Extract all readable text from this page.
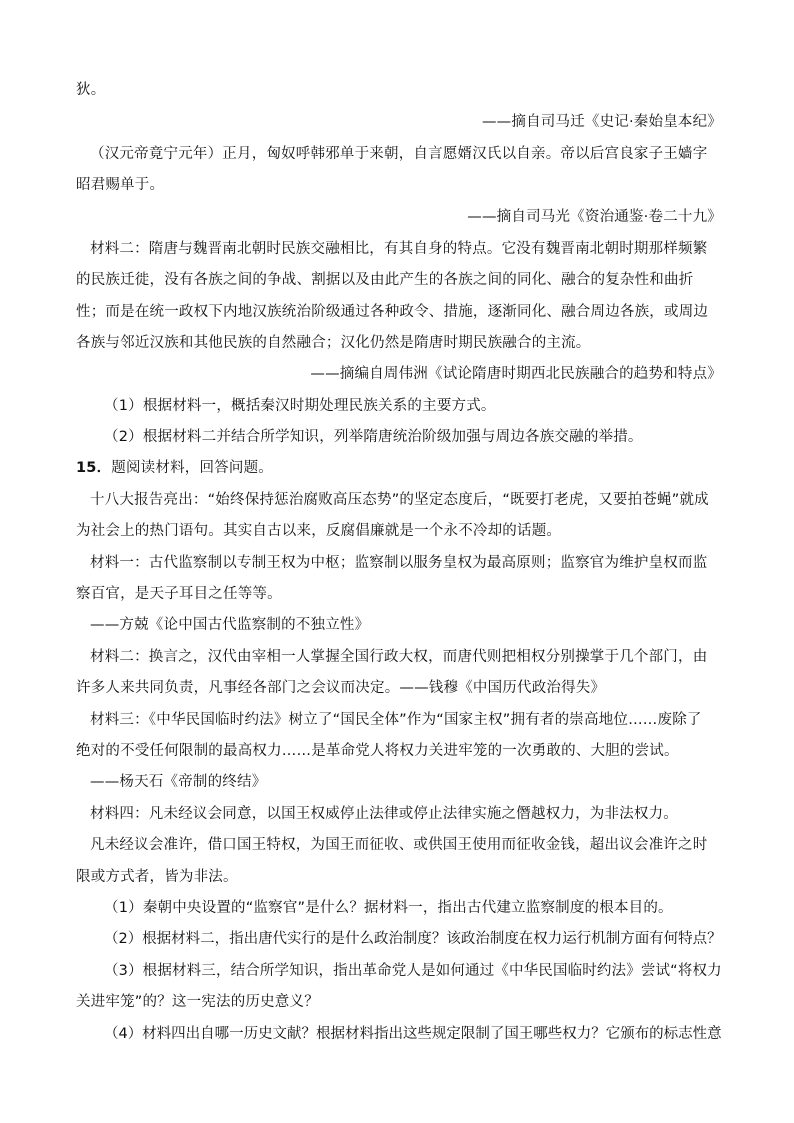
狄。
——摘自司马迁《史记·秦始皇本纪》
（汉元帝竟宁元年）正月，匈奴呼韩邪单于来朝，自言愿婿汉氏以自亲。帝以后宫良家子王嫱字
昭君赐单于。
——摘自司马光《资治通鉴·卷二十九》
材料二：隋唐与魏晋南北朝时民族交融相比，有其自身的特点。它没有魏晋南北朝时期那样频繁
的民族迁徙，没有各族之间的争战、割据以及由此产生的各族之间的同化、融合的复杂性和曲折
性；而是在统一政权下内地汉族统治阶级通过各种政令、措施，逐渐同化、融合周边各族，或周边
各族与邻近汉族和其他民族的自然融合；汉化仍然是隋唐时期民族融合的主流。
——摘编自周伟洲《试论隋唐时期西北民族融合的趋势和特点》
（1）根据材料一，概括秦汉时期处理民族关系的主要方式。
（2）根据材料二并结合所学知识，列举隋唐统治阶级加强与周边各族交融的举措。
15．题阅读材料，回答问题。
十八大报告亮出：“始终保持惩治腐败高压态势”的坚定态度后，“既要打老虎，又要拍苍蝇”就成
为社会上的热门语句。其实自古以来，反腐倡廉就是一个永不冷却的话题。
材料一：古代监察制以专制王权为中枢；监察制以服务皇权为最高原则；监察官为维护皇权而监
察百官，是天子耳目之任等等。
——方兢《论中国古代监察制的不独立性》
材料二：换言之，汉代由宰相一人掌握全国行政大权，而唐代则把相权分别操掌于几个部门，由
许多人来共同负责，凡事经各部门之会议而决定。——钱穆《中国历代政治得失》
材料三：《中华民国临时约法》树立了“国民全体”作为“国家主权”拥有者的崇高地位……废除了
绝对的不受任何限制的最高权力……是革命党人将权力关进牢笼的一次勇敢的、大胆的尝试。
——杨天石《帝制的终结》
材料四：凡未经议会同意，以国王权威停止法律或停止法律实施之僭越权力，为非法权力。
凡未经议会准许，借口国王特权，为国王而征收、或供国王使用而征收金钱，超出议会准许之时
限或方式者，皆为非法。
（1）秦朝中央设置的“监察官”是什么？据材料一，指出古代建立监察制度的根本目的。
（2）根据材料二，指出唐代实行的是什么政治制度？该政治制度在权力运行机制方面有何特点？
（3）根据材料三，结合所学知识，指出革命党人是如何通过《中华民国临时约法》尝试“将权力
关进牢笼”的？这一宪法的历史意义？
（4）材料四出自哪一历史文献？根据材料指出这些规定限制了国王哪些权力？它颁布的标志性意
